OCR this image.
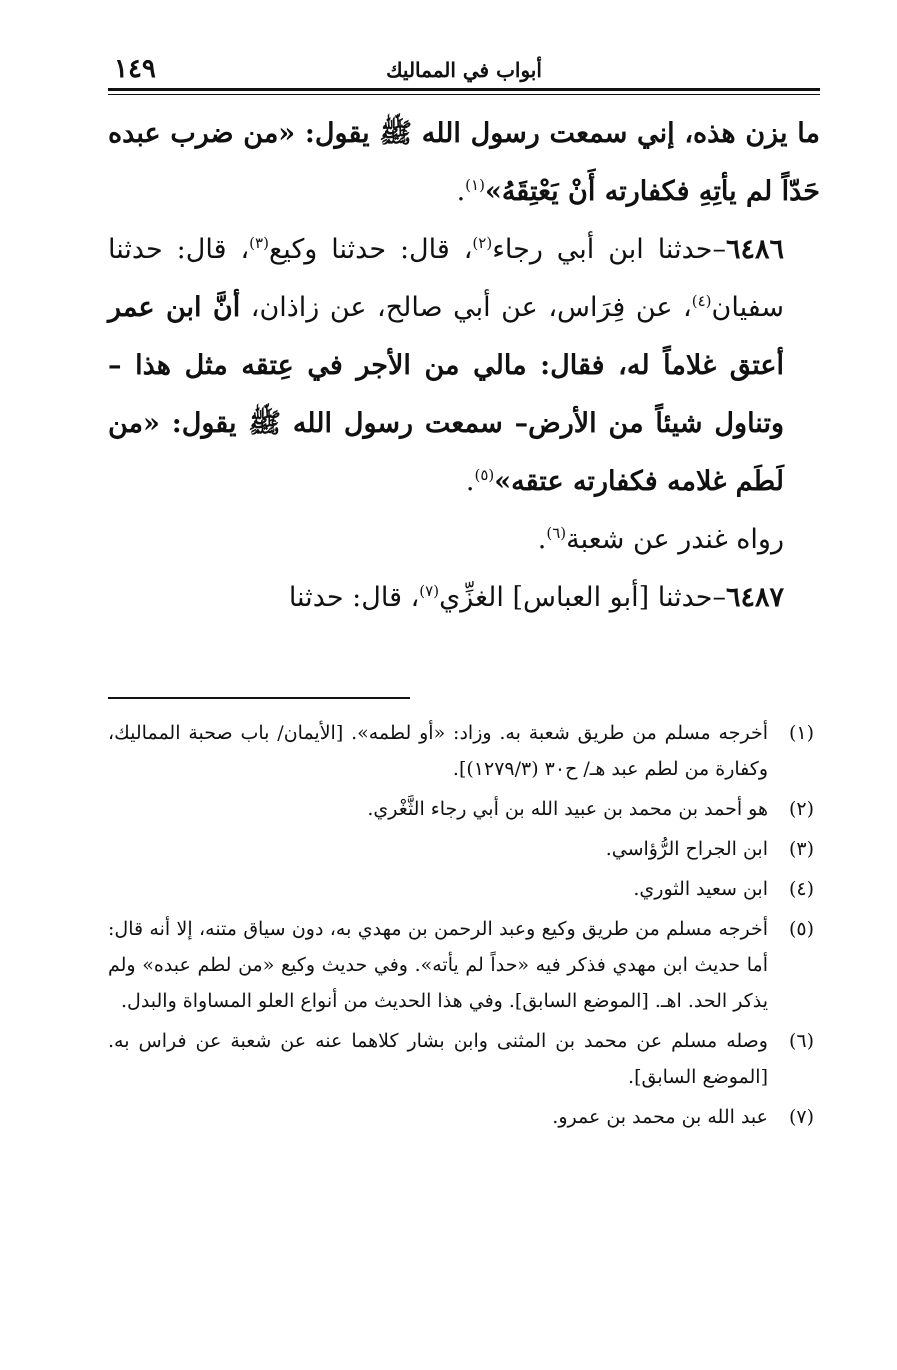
أبواب في المماليك
١٤٩

ما يزن هذه، إني سمعت رسول الله ﷺ يقول: «من ضرب عبده حَدّاً لم يأتِهِ فكفارته أَنْ يَعْتِقَهُ»$^{(١)}$.

٦٤٨٦–حدثنا ابن أبي رجاء$^{(٢)}$، قال: حدثنا وكيع$^{(٣)}$، قال: حدثنا سفيان$^{(٤)}$، عن فِرَاس، عن أبي صالح، عن زاذان، أنَّ ابن عمر أعتق غلاماً له، فقال: مالي من الأجر في عِتقه مثل هذا –وتناول شيئاً من الأرض– سمعت رسول الله ﷺ يقول: «من لَطَم غلامه فكفارته عتقه»$^{(٥)}$.

رواه غندر عن شعبة$^{(٦)}$.

٦٤٨٧–حدثنا [أبو العباس] الغزِّي$^{(٧)}$، قال: حدثنا

(١)
أخرجه مسلم من طريق شعبة به. وزاد: «أو لطمه». [الأيمان/ باب صحبة المماليك، وكفارة من لطم عبد هـ/ ح٣٠ (١٢٧٩/٣)].
(٢)
هو أحمد بن محمد بن عبيد الله بن أبي رجاء الثَّغْري.
(٣)
ابن الجراح الرُّؤاسي.
(٤)
ابن سعيد الثوري.
(٥)
أخرجه مسلم من طريق وكيع وعبد الرحمن بن مهدي به، دون سياق متنه، إلا أنه قال: أما حديث ابن مهدي فذكر فيه «حداً لم يأته». وفي حديث وكيع «من لطم عبده» ولم يذكر الحد. اهـ. [الموضع السابق]. وفي هذا الحديث من أنواع العلو المساواة والبدل.
(٦)
وصله مسلم عن محمد بن المثنى وابن بشار كلاهما عنه عن شعبة عن فراس به. [الموضع السابق].
(٧)
عبد الله بن محمد بن عمرو.
